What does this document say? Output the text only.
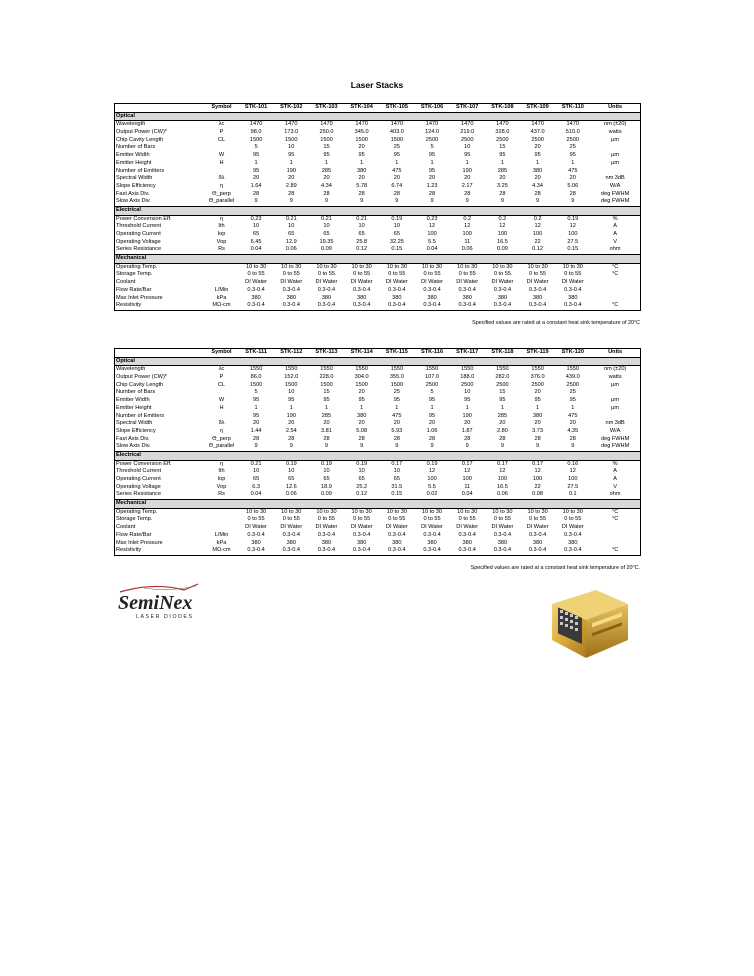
Laser Stacks
	Symbol	STK-101	STK-102	STK-103	STK-104	STK-105	STK-106	STK-107	STK-108	STK-109	STK-110	Units
Optical												
Wavelength	λc	1470	1470	1470	1470	1470	1470	1470	1470	1470	1470	nm (±20)
Output Power (CW)*	P	98.0	173.0	250.0	345.0	403.0	124.0	219.0	328.0	437.0	510.0	watts
Chip Cavity Length	CL	1500	1500	1500	1500	1500	2500	2500	2500	2500	2500	µm
Number of Bars		5	10	15	20	25	5	10	15	20	25	
Emitter Width	W	95	95	95	95	95	95	95	95	95	95	µm
Emitter Height	H	1	1	1	1	1	1	1	1	1	1	µm
Number of Emitters		95	190	285	380	475	95	190	285	380	475	
Spectral Width	δλ	20	20	20	20	20	20	20	20	20	20	nm 3dB
Slope Efficiency	η	1.64	2.89	4.34	5.78	6.74	1.23	2.17	3.25	4.34	5.06	W/A
Fast Axis Div.	Θ_perp	28	28	28	28	28	28	28	28	28	28	deg FWHM
Slow Axis Div.	Θ_parallel	9	9	9	9	9	9	9	9	9	9	deg FWHM
Electrical												
Power Conversion Eff.	η	0.23	0.21	0.21	0.21	0.19	0.23	0.2	0.2	0.2	0.19	%
Threshold Current	Ith	10	10	10	10	10	12	12	12	12	12	A
Operating Current	Iop	65	65	65	65	65	100	100	100	100	100	A
Operating Voltage	Vop	6.45	12.9	19.35	25.8	32.25	5.5	11	16.5	22	27.5	V
Series Resistance	Rs	0.04	0.06	0.09	0.12	0.15	0.04	0.06	0.09	0.12	0.15	ohm
Mechanical												
Operating Temp.		10 to 30	10 to 30	10 to 30	10 to 30	10 to 30	10 to 30	10 to 30	10 to 30	10 to 30	10 to 30	°C
Storage Temp.		0 to 55	0 to 55	0 to 55	0 to 55	0 to 55	0 to 55	0 to 55	0 to 55	0 to 55	0 to 55	°C
Coolant		DI Water	DI Water	DI Water	DI Water	DI Water	DI Water	DI Water	DI Water	DI Water	DI Water	
Flow Rate/Bar	L/Min	0.3-0.4	0.3-0.4	0.3-0.4	0.3-0.4	0.3-0.4	0.3-0.4	0.3-0.4	0.3-0.4	0.3-0.4	0.3-0.4	
Max Inlet Pressure	kPa	380	380	380	380	380	380	380	380	380	380	
Resistivity	MΩ-cm	0.3-0.4	0.3-0.4	0.3-0.4	0.3-0.4	0.3-0.4	0.3-0.4	0.3-0.4	0.3-0.4	0.3-0.4	0.3-0.4	°C
Specified values are rated at a constant heat sink temperature of 20°C
	Symbol	STK-111	STK-112	STK-113	STK-114	STK-115	STK-116	STK-117	STK-118	STK-119	STK-120	Units
Optical												
Wavelength	λc	1550	1550	1550	1550	1550	1550	1550	1550	1550	1550	nm (±20)
Output Power (CW)*	P	86.0	152.0	228.0	304.0	355.0	107.0	188.0	282.0	376.0	439.0	watts
Chip Cavity Length	CL	1500	1500	1500	1500	1500	2500	2500	2500	2500	2500	µm
Number of Bars		5	10	15	20	25	5	10	15	20	25	
Emitter Width	W	95	95	95	95	95	95	95	95	95	95	µm
Emitter Height	H	1	1	1	1	1	1	1	1	1	1	µm
Number of Emitters		95	190	285	380	475	95	190	285	380	475	
Spectral Width	δλ	20	20	20	20	20	20	20	20	20	20	nm 3dB
Slope Efficiency	η	1.44	2.54	3.81	5.08	5.93	1.06	1.87	2.80	3.73	4.35	W/A
Fast Axis Div.	Θ_perp	28	28	28	28	28	28	28	28	28	28	deg FWHM
Slow Axis Div.	Θ_parallel	9	9	9	9	9	9	9	9	9	9	deg FWHM
Electrical												
Power Conversion Eff.	η	0.21	0.19	0.19	0.19	0.17	0.19	0.17	0.17	0.17	0.16	%
Threshold Current	Ith	10	10	10	10	10	12	12	12	12	12	A
Operating Current	Iop	65	65	65	65	65	100	100	100	100	100	A
Operating Voltage	Vop	6.3	12.6	18.9	25.2	31.5	5.5	11	16.5	22	27.5	V
Series Resistance	Rs	0.04	0.06	0.09	0.12	0.15	0.02	0.04	0.06	0.08	0.1	ohm
Mechanical												
Operating Temp.		10 to 30	10 to 30	10 to 30	10 to 30	10 to 30	10 to 30	10 to 30	10 to 30	10 to 30	10 to 30	°C
Storage Temp.		0 to 55	0 to 55	0 to 55	0 to 55	0 to 55	0 to 55	0 to 55	0 to 55	0 to 55	0 to 55	°C
Coolant		DI Water	DI Water	DI Water	DI Water	DI Water	DI Water	DI Water	DI Water	DI Water	DI Water	
Flow Rate/Bar	L/Min	0.3-0.4	0.3-0.4	0.3-0.4	0.3-0.4	0.3-0.4	0.3-0.4	0.3-0.4	0.3-0.4	0.3-0.4	0.3-0.4	
Max Inlet Pressure	kPa	380	380	380	380	380	380	380	380	380	380	
Resistivity	MΩ-cm	0.3-0.4	0.3-0.4	0.3-0.4	0.3-0.4	0.3-0.4	0.3-0.4	0.3-0.4	0.3-0.4	0.3-0.4	0.3-0.4	°C
Specified values are rated at a constant heat sink temperature of 20°C.
SemiNex
LASER DIODES
